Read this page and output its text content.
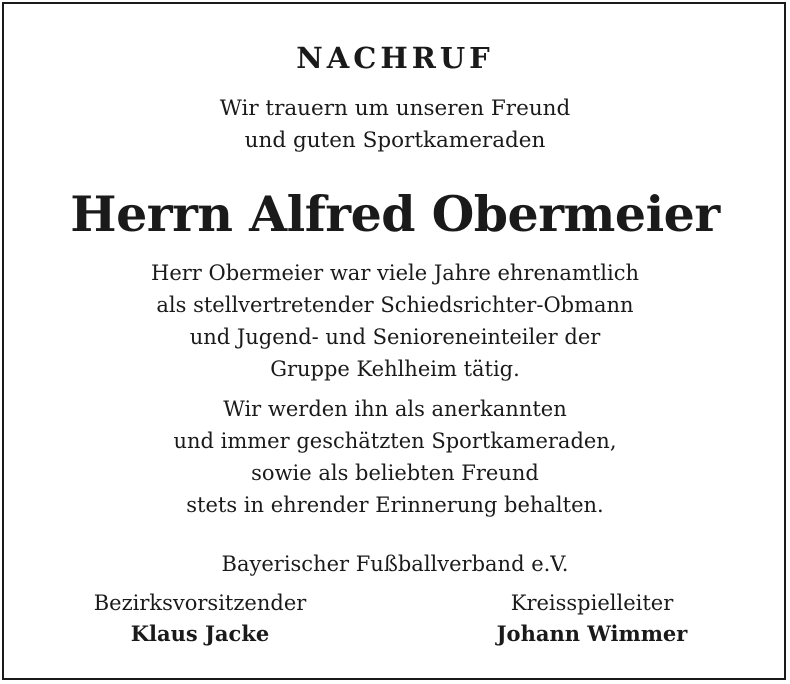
NACHRUF
Wir trauern um unseren Freund
und guten Sportkameraden
Herrn Alfred Obermeier
Herr Obermeier war viele Jahre ehrenamtlich
als stellvertretender Schiedsrichter-Obmann
und Jugend- und Senioreneinteiler der
Gruppe Kehlheim tätig.
Wir werden ihn als anerkannten
und immer geschätzten Sportkameraden,
sowie als beliebten Freund
stets in ehrender Erinnerung behalten.
Bayerischer Fußballverband e.V.
Bezirksvorsitzender
Klaus Jacke
Kreisspielleiter
Johann Wimmer
